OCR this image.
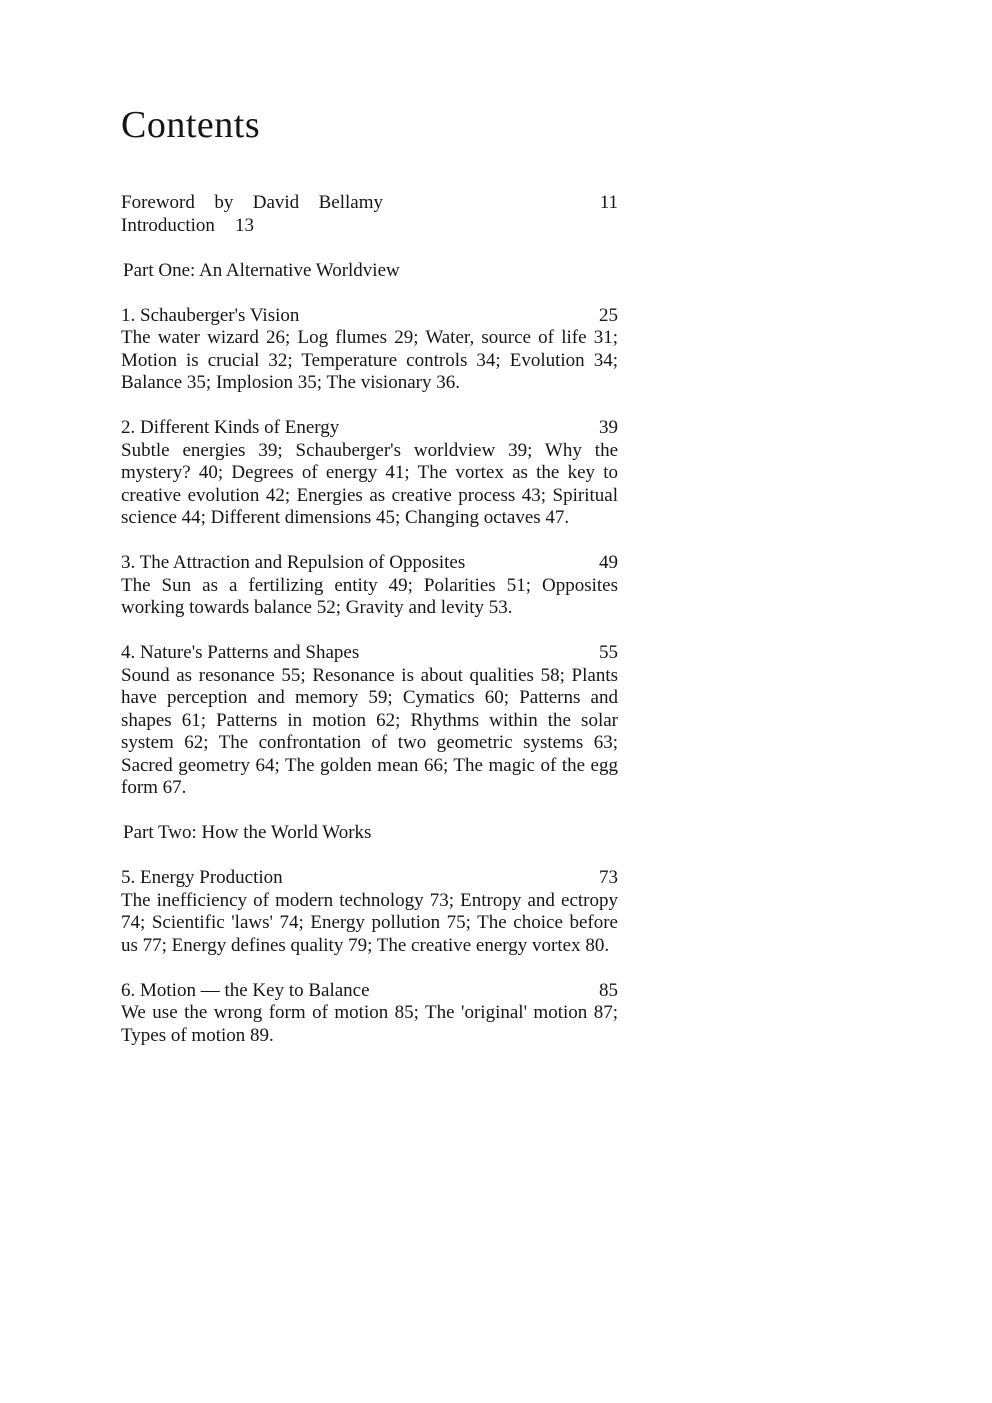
Contents
Foreword by David Bellamy	11
Introduction 13
Part One: An Alternative Worldview
1. Schauberger's Vision	25

The water wizard 26; Log flumes 29; Water, source of life 31; Motion is crucial 32; Temperature controls 34; Evolution 34; Balance 35; Implosion 35; The visionary 36.

2. Different Kinds of Energy	39

Subtle energies 39; Schauberger's worldview 39; Why the mystery? 40; Degrees of energy 41; The vortex as the key to creative evolution 42; Energies as creative process 43; Spiritual science 44; Different dimensions 45; Changing octaves 47.

3. The Attraction and Repulsion of Opposites	49

The Sun as a fertilizing entity 49; Polarities 51; Opposites working towards balance 52; Gravity and levity 53.

4. Nature's Patterns and Shapes	55

Sound as resonance 55; Resonance is about qualities 58; Plants have perception and memory 59; Cymatics 60; Patterns and shapes 61; Patterns in motion 62; Rhythms within the solar system 62; The confrontation of two geometric systems 63; Sacred geometry 64; The golden mean 66; The magic of the egg form 67.

Part Two: How the World Works
5. Energy Production	73

The inefficiency of modern technology 73; Entropy and ectropy 74; Scientific 'laws' 74; Energy pollution 75; The choice before us 77; Energy defines quality 79; The creative energy vortex 80.

6. Motion — the Key to Balance	85

We use the wrong form of motion 85; The 'original' motion 87; Types of motion 89.
